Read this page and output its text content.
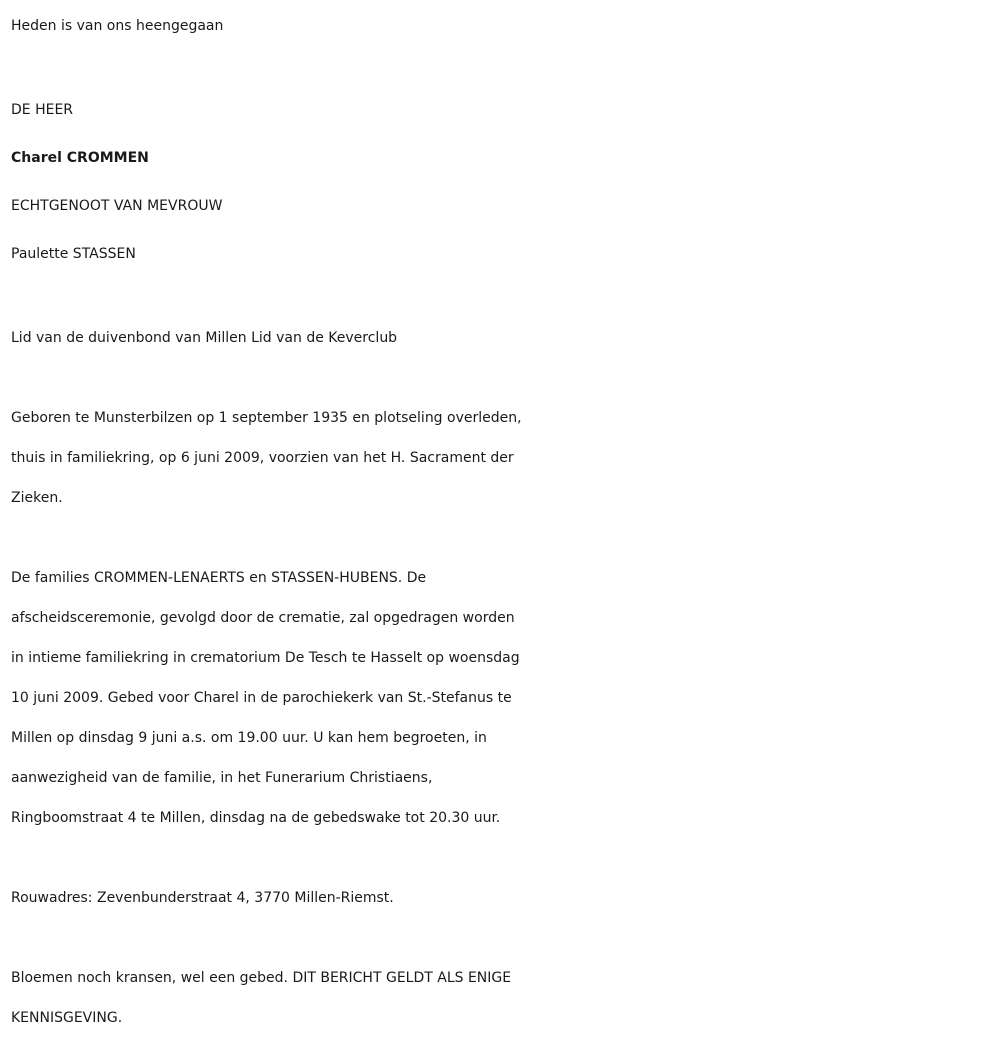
Heden is van ons heengegaan

DE HEER

Charel CROMMEN

ECHTGENOOT VAN MEVROUW

Paulette STASSEN

Lid van de duivenbond van Millen Lid van de Keverclub

Geboren te Munsterbilzen op 1 september 1935 en plotseling overleden,

thuis in familiekring, op 6 juni 2009, voorzien van het H. Sacrament der

Zieken.

De families CROMMEN-LENAERTS en STASSEN-HUBENS. De

afscheidsceremonie, gevolgd door de crematie, zal opgedragen worden

in intieme familiekring in crematorium De Tesch te Hasselt op woensdag

10 juni 2009. Gebed voor Charel in de parochiekerk van St.-Stefanus te

Millen op dinsdag 9 juni a.s. om 19.00 uur. U kan hem begroeten, in

aanwezigheid van de familie, in het Funerarium Christiaens,

Ringboomstraat 4 te Millen, dinsdag na de gebedswake tot 20.30 uur.

Rouwadres: Zevenbunderstraat 4, 3770 Millen-Riemst.

Bloemen noch kransen, wel een gebed. DIT BERICHT GELDT ALS ENIGE

KENNISGEVING.
